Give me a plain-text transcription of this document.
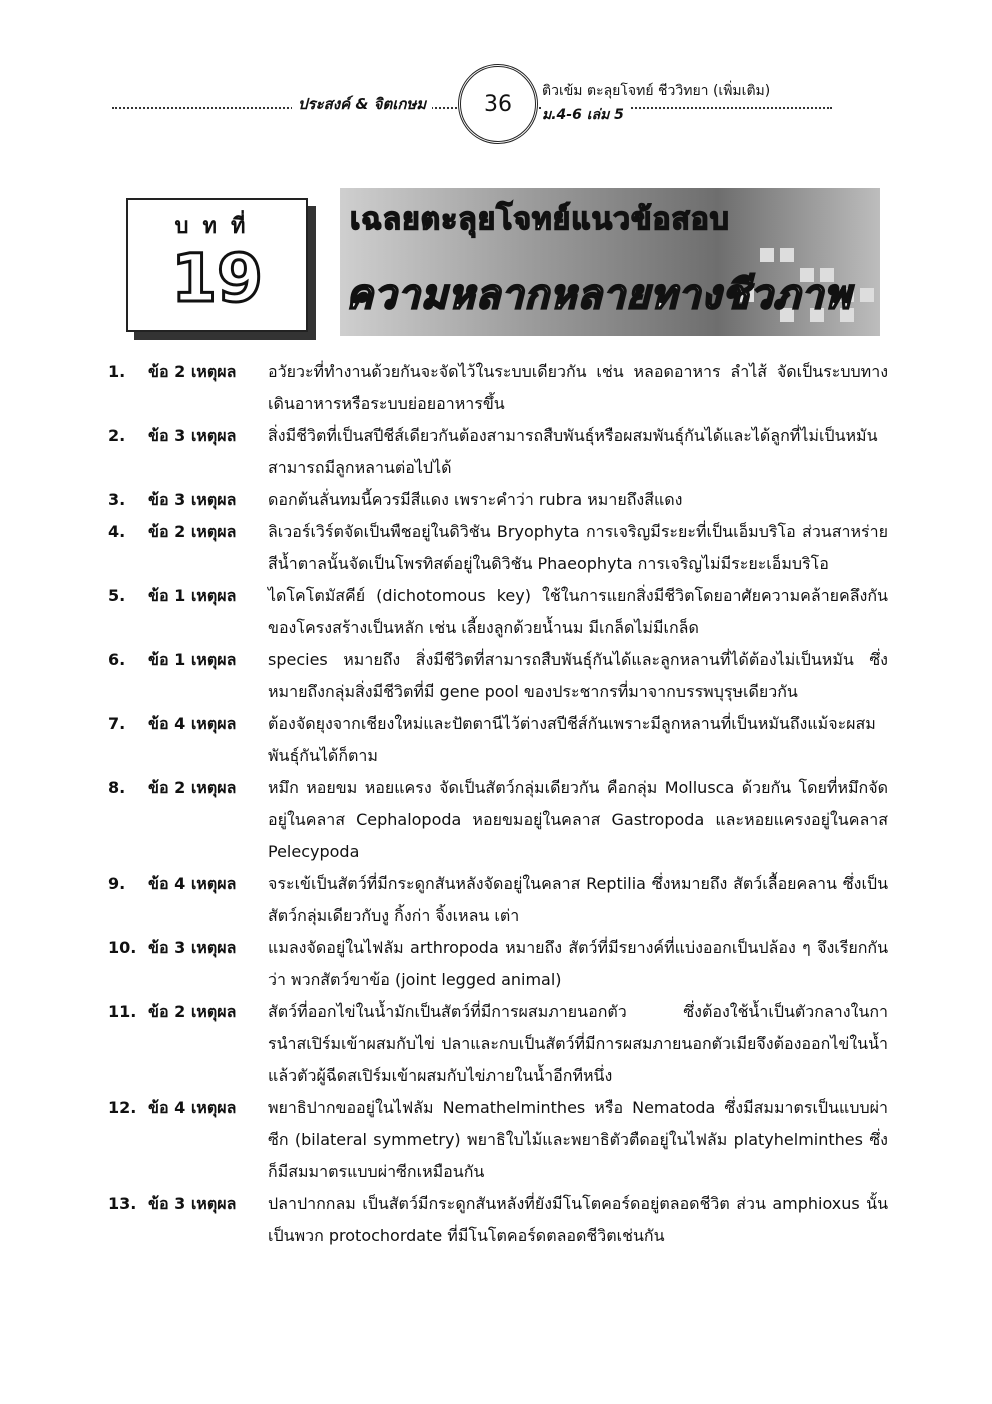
ประสงค์ & จิตเกษม	36
ติวเข้ม ตะลุยโจทย์ ชีววิทยา (เพิ่มเติม)
ม.4-6 เล่ม 5
เฉลยตะลุยโจทย์แนวข้อสอบ
ความหลากหลายทางชีวภาพ
บทที่
19
1.	ข้อ 2 เหตุผล	อวัยวะที่ทำงานด้วยกันจะจัดไว้ในระบบเดียวกัน เช่น หลอดอาหาร ลำไส้ จัดเป็นระบบทางเดินอาหารหรือระบบย่อยอาหารขึ้น
2.	ข้อ 3 เหตุผล	สิ่งมีชีวิตที่เป็นสปีชีส์เดียวกันต้องสามารถสืบพันธุ์หรือผสมพันธุ์กันได้และได้ลูกที่ไม่เป็นหมัน สามารถมีลูกหลานต่อไปได้
3.	ข้อ 3 เหตุผล	ดอกต้นลั่นทมนี้ควรมีสีแดง เพราะคำว่า rubra หมายถึงสีแดง
4.	ข้อ 2 เหตุผล	ลิเวอร์เวิร์ตจัดเป็นพืชอยู่ในดิวิชัน Bryophyta การเจริญมีระยะที่เป็นเอ็มบริโอ ส่วนสาหร่ายสีน้ำตาลนั้นจัดเป็นโพรทิสต์อยู่ในดิวิชัน Phaeophyta การเจริญไม่มีระยะเอ็มบริโอ
5.	ข้อ 1 เหตุผล	ไดโคโตมัสคีย์ (dichotomous key) ใช้ในการแยกสิ่งมีชีวิตโดยอาศัยความคล้ายคลึงกันของโครงสร้างเป็นหลัก เช่น เลี้ยงลูกด้วยน้ำนม มีเกล็ดไม่มีเกล็ด
6.	ข้อ 1 เหตุผล	species หมายถึง สิ่งมีชีวิตที่สามารถสืบพันธุ์กันได้และลูกหลานที่ได้ต้องไม่เป็นหมัน ซึ่งหมายถึงกลุ่มสิ่งมีชีวิตที่มี gene pool ของประชากรที่มาจากบรรพบุรุษเดียวกัน
7.	ข้อ 4 เหตุผล	ต้องจัดยุงจากเชียงใหม่และปัตตานีไว้ต่างสปีชีส์กันเพราะมีลูกหลานที่เป็นหมันถึงแม้จะผสมพันธุ์กันได้ก็ตาม
8.	ข้อ 2 เหตุผล	หมึก หอยขม หอยแครง จัดเป็นสัตว์กลุ่มเดียวกัน คือกลุ่ม Mollusca ด้วยกัน โดยที่หมึกจัดอยู่ในคลาส Cephalopoda หอยขมอยู่ในคลาส Gastropoda และหอยแครงอยู่ในคลาส Pelecypoda
9.	ข้อ 4 เหตุผล	จระเข้เป็นสัตว์ที่มีกระดูกสันหลังจัดอยู่ในคลาส Reptilia ซึ่งหมายถึง สัตว์เลื้อยคลาน ซึ่งเป็นสัตว์กลุ่มเดียวกับงู กิ้งก่า จิ้งเหลน เต่า
10. ข้อ 3 เหตุผล	แมลงจัดอยู่ในไฟลัม arthropoda หมายถึง สัตว์ที่มีรยางค์ที่แบ่งออกเป็นปล้อง ๆ จึงเรียกกันว่า พวกสัตว์ขาข้อ (joint legged animal)
11. ข้อ 2 เหตุผล	สัตว์ที่ออกไข่ในน้ำมักเป็นสัตว์ที่มีการผสมภายนอกตัว ซึ่งต้องใช้น้ำเป็นตัวกลางในการนำสเปิร์มเข้าผสมกับไข่ ปลาและกบเป็นสัตว์ที่มีการผสมภายนอกตัวเมียจึงต้องออกไข่ในน้ำแล้วตัวผู้ฉีดสเปิร์มเข้าผสมกับไข่ภายในน้ำอีกทีหนึ่ง
12. ข้อ 4 เหตุผล	พยาธิปากขออยู่ในไฟลัม Nemathelminthes หรือ Nematoda ซึ่งมีสมมาตรเป็นแบบผ่าซีก (bilateral symmetry) พยาธิใบไม้และพยาธิตัวตืดอยู่ในไฟลัม platyhelminthes ซึ่งก็มีสมมาตรแบบผ่าซีกเหมือนกัน
13. ข้อ 3 เหตุผล	ปลาปากกลม เป็นสัตว์มีกระดูกสันหลังที่ยังมีโนโตคอร์ดอยู่ตลอดชีวิต ส่วน amphioxus นั้นเป็นพวก protochordate ที่มีโนโตคอร์ดตลอดชีวิตเช่นกัน
